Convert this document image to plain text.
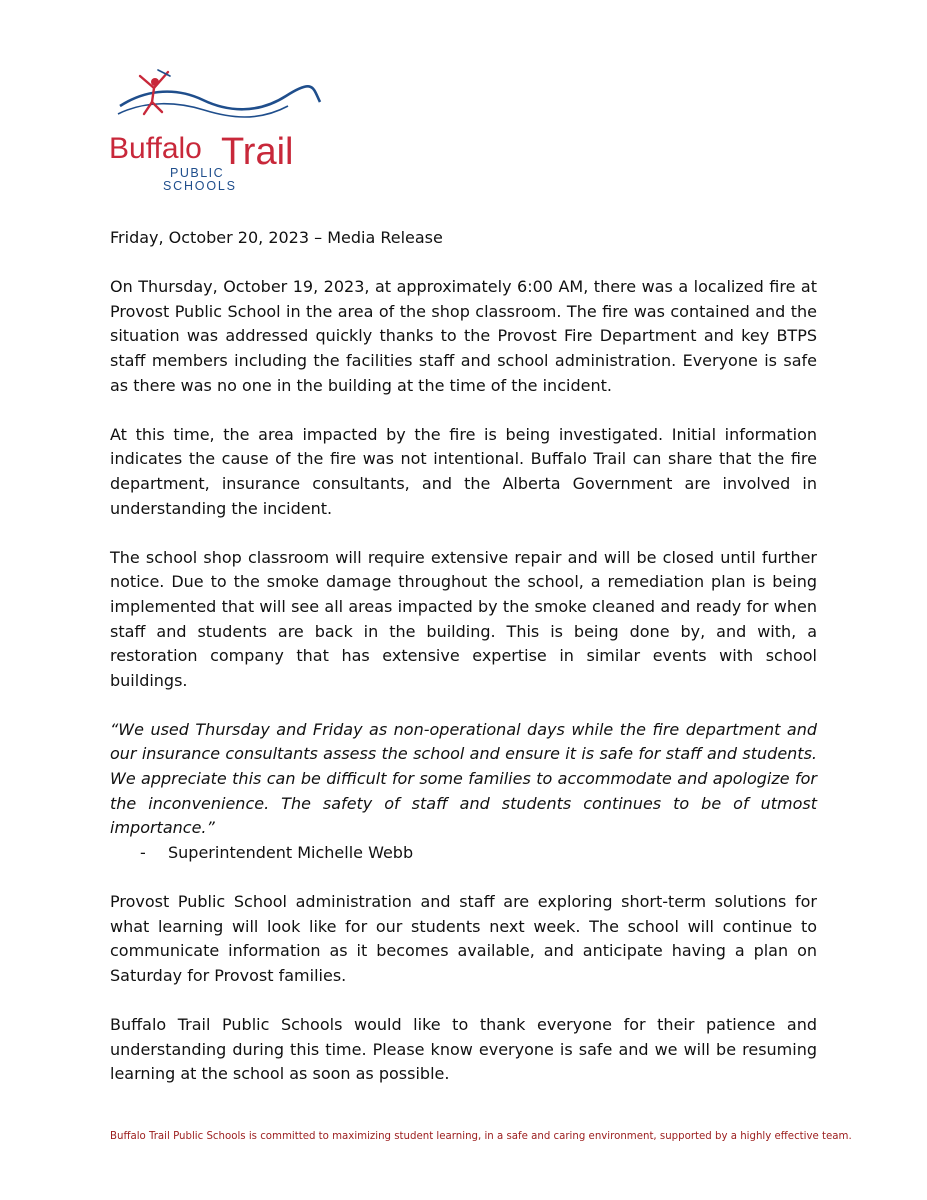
Buffalo Trail
PUBLIC
SCHOOLS

Friday, October 20, 2023 – Media Release

On Thursday, October 19, 2023, at approximately 6:00 AM, there was a localized fire at Provost Public School in the area of the shop classroom. The fire was contained and the situation was addressed quickly thanks to the Provost Fire Department and key BTPS staff members including the facilities staff and school administration. Everyone is safe as there was no one in the building at the time of the incident.

At this time, the area impacted by the fire is being investigated. Initial information indicates the cause of the fire was not intentional. Buffalo Trail can share that the fire department, insurance consultants, and the Alberta Government are involved in understanding the incident.

The school shop classroom will require extensive repair and will be closed until further notice. Due to the smoke damage throughout the school, a remediation plan is being implemented that will see all areas impacted by the smoke cleaned and ready for when staff and students are back in the building. This is being done by, and with, a restoration company that has extensive expertise in similar events with school buildings.

“We used Thursday and Friday as non-operational days while the fire department and our insurance consultants assess the school and ensure it is safe for staff and students. We appreciate this can be difficult for some families to accommodate and apologize for the inconvenience. The safety of staff and students continues to be of utmost importance.”

- Superintendent Michelle Webb

Provost Public School administration and staff are exploring short-term solutions for what learning will look like for our students next week. The school will continue to communicate information as it becomes available, and anticipate having a plan on Saturday for Provost families.

Buffalo Trail Public Schools would like to thank everyone for their patience and understanding during this time. Please know everyone is safe and we will be resuming learning at the school as soon as possible.

Buffalo Trail Public Schools is committed to maximizing student learning, in a safe and caring environment, supported by a highly effective team.
